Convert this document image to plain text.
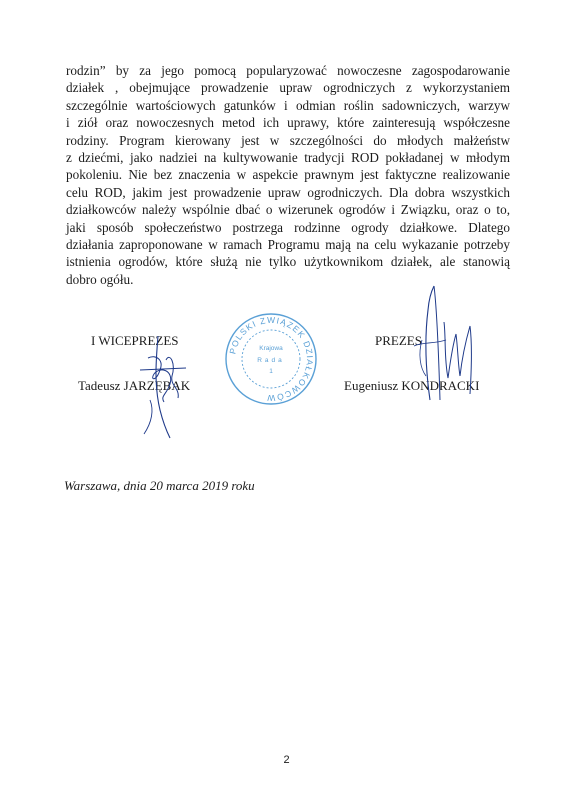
rodzin” by za jego pomocą popularyzować nowoczesne zagospodarowanie
działek , obejmujące prowadzenie upraw ogrodniczych z wykorzystaniem
szczególnie wartościowych gatunków i odmian roślin sadowniczych, warzyw
i ziół oraz nowoczesnych metod ich uprawy, które zainteresują współczesne
rodziny. Program kierowany jest w szczególności do młodych małżeństw
z dziećmi, jako nadziei na kultywowanie tradycji ROD pokładanej w młodym
pokoleniu. Nie bez znaczenia w aspekcie prawnym jest faktyczne realizowanie
celu ROD, jakim jest prowadzenie upraw ogrodniczych. Dla dobra wszystkich
działkowców należy wspólnie dbać o wizerunek ogrodów i Związku, oraz o to,
jaki sposób społeczeństwo postrzega rodzinne ogrody działkowe. Dlatego
działania zaproponowane w ramach Programu mają na celu wykazanie potrzeby
istnienia ogrodów, które służą nie tylko użytkownikom działek, ale stanowią
dobro ogółu.
I WICEPREZES
Tadeusz JARZĘBAK
POLSKI ZWIĄZEK DZIAŁKOWCÓW
Krajowa
Rada
1
PREZES
Eugeniusz KONDRACKI
Warszawa, dnia 20 marca 2019 roku
2
